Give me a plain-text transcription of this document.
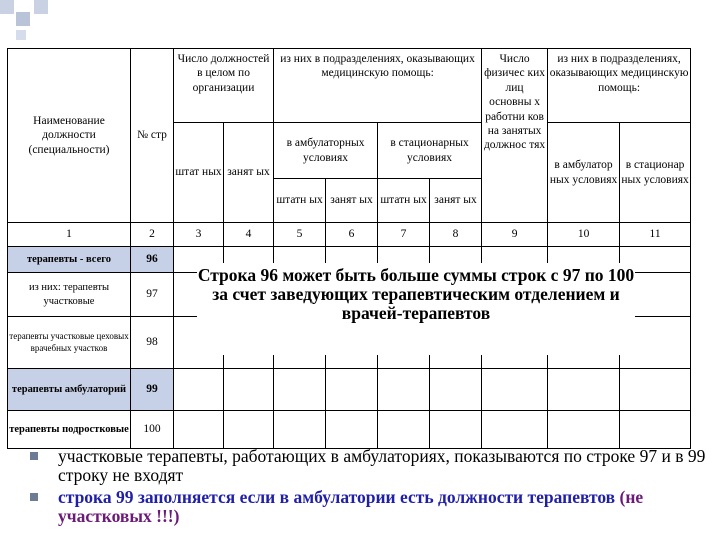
Наименование должности (специальности)	№ стр	Число должностей в целом по организации		из них в подразделениях, оказывающих медицинскую помощь:				Число физичес ких лиц основны х работни ков на занятых должнос тях	из них в подразделениях, оказывающих медицинскую помощь:	
		штат ных	занят ых	в амбулаторных условиях		в стационарных условиях			в амбулатор ных условиях	в стационар ных условиях
				штатн ых	занят ых	штатн ых	занят ых			

1	2	3	4	5	6	7	8	9	10	11
терапевты - всего	96									
из них: терапевты участковые	97									
терапевты участковые цеховых врачебных участков	98									
терапевты амбулаторий	99									
терапевты подростковые	100									
Строка 96 может быть больше суммы строк с 97 по 100 за счет заведующих терапевтическим отделением и врачей-терапевтов
участковые терапевты, работающих в амбулаториях, показываются по строке 97 и в 99 строку не входят
строка 99 заполняется если в амбулатории есть должности терапевтов (не участковых !!!)
